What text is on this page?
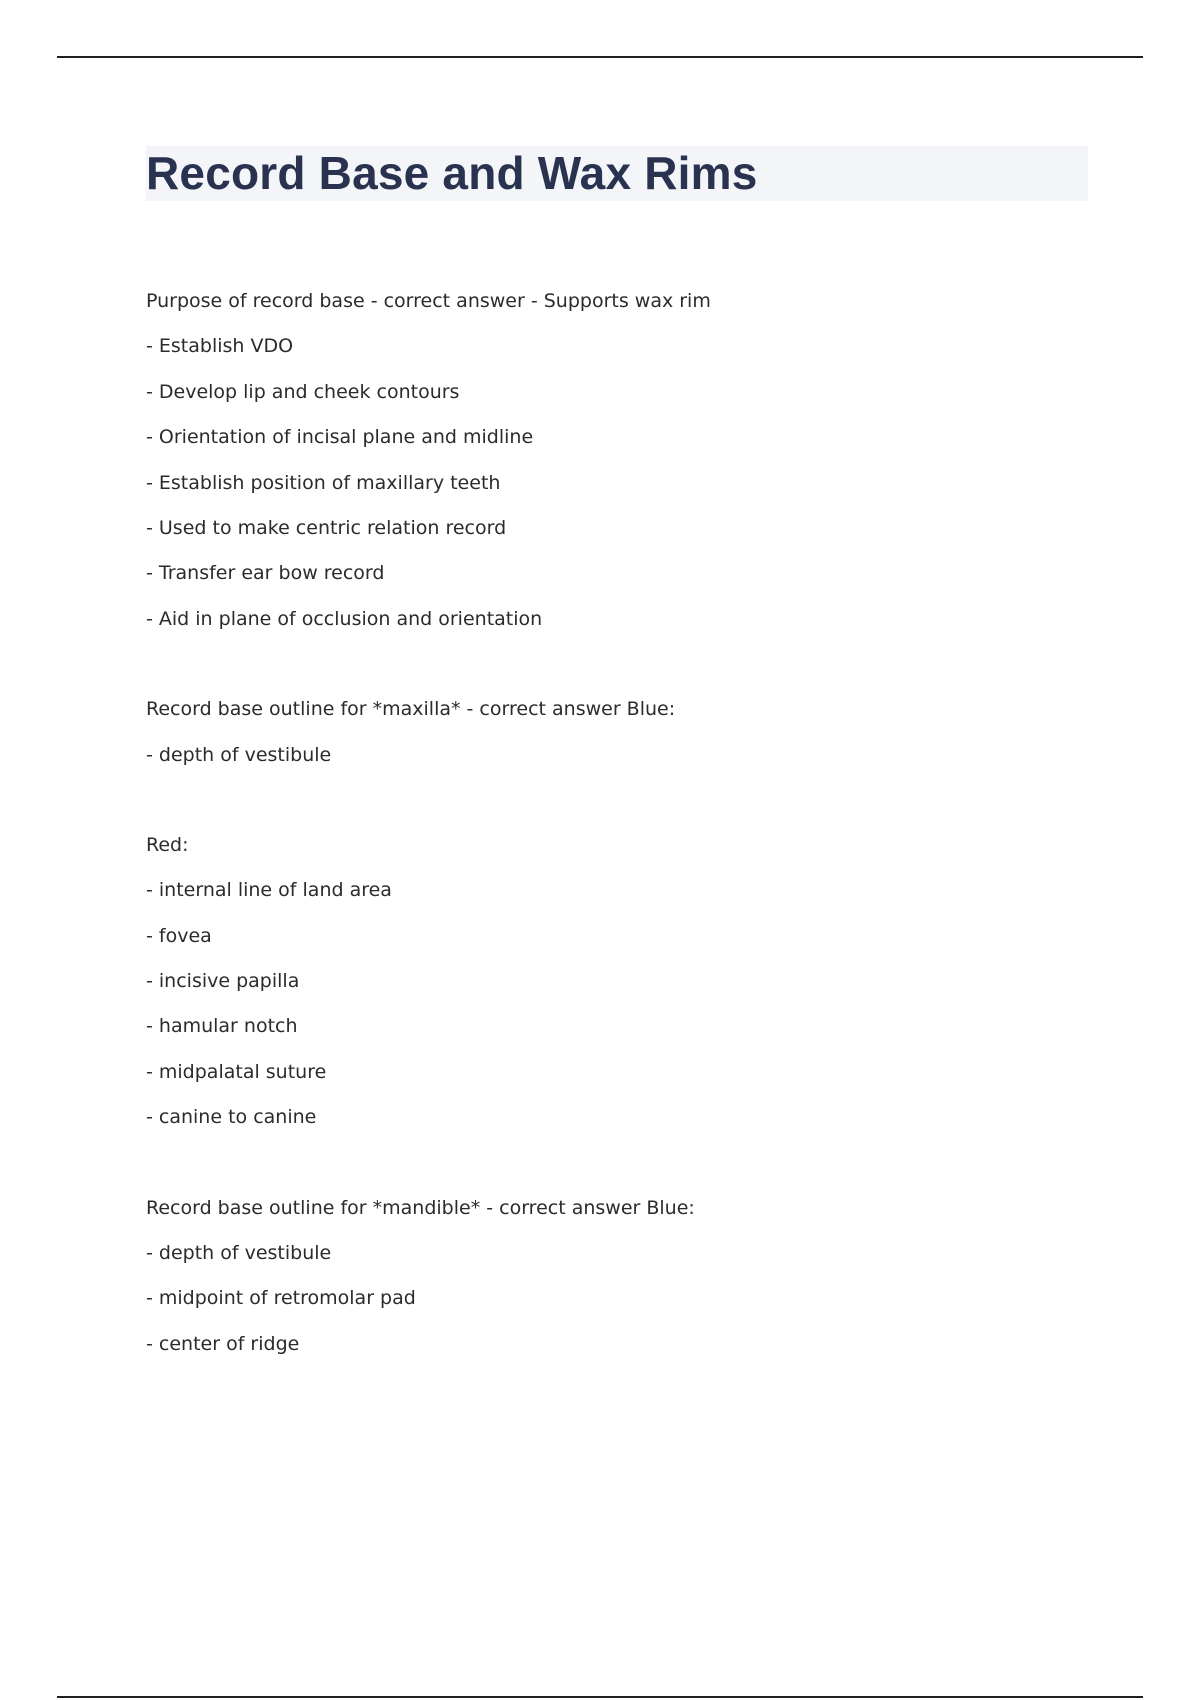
Record Base and Wax Rims

Purpose of record base - correct answer - Supports wax rim

- Establish VDO

- Develop lip and cheek contours

- Orientation of incisal plane and midline

- Establish position of maxillary teeth

- Used to make centric relation record

- Transfer ear bow record

- Aid in plane of occlusion and orientation

Record base outline for *maxilla* - correct answer Blue:

- depth of vestibule

Red:

- internal line of land area

- fovea

- incisive papilla

- hamular notch

- midpalatal suture

- canine to canine

Record base outline for *mandible* - correct answer Blue:

- depth of vestibule

- midpoint of retromolar pad

- center of ridge
